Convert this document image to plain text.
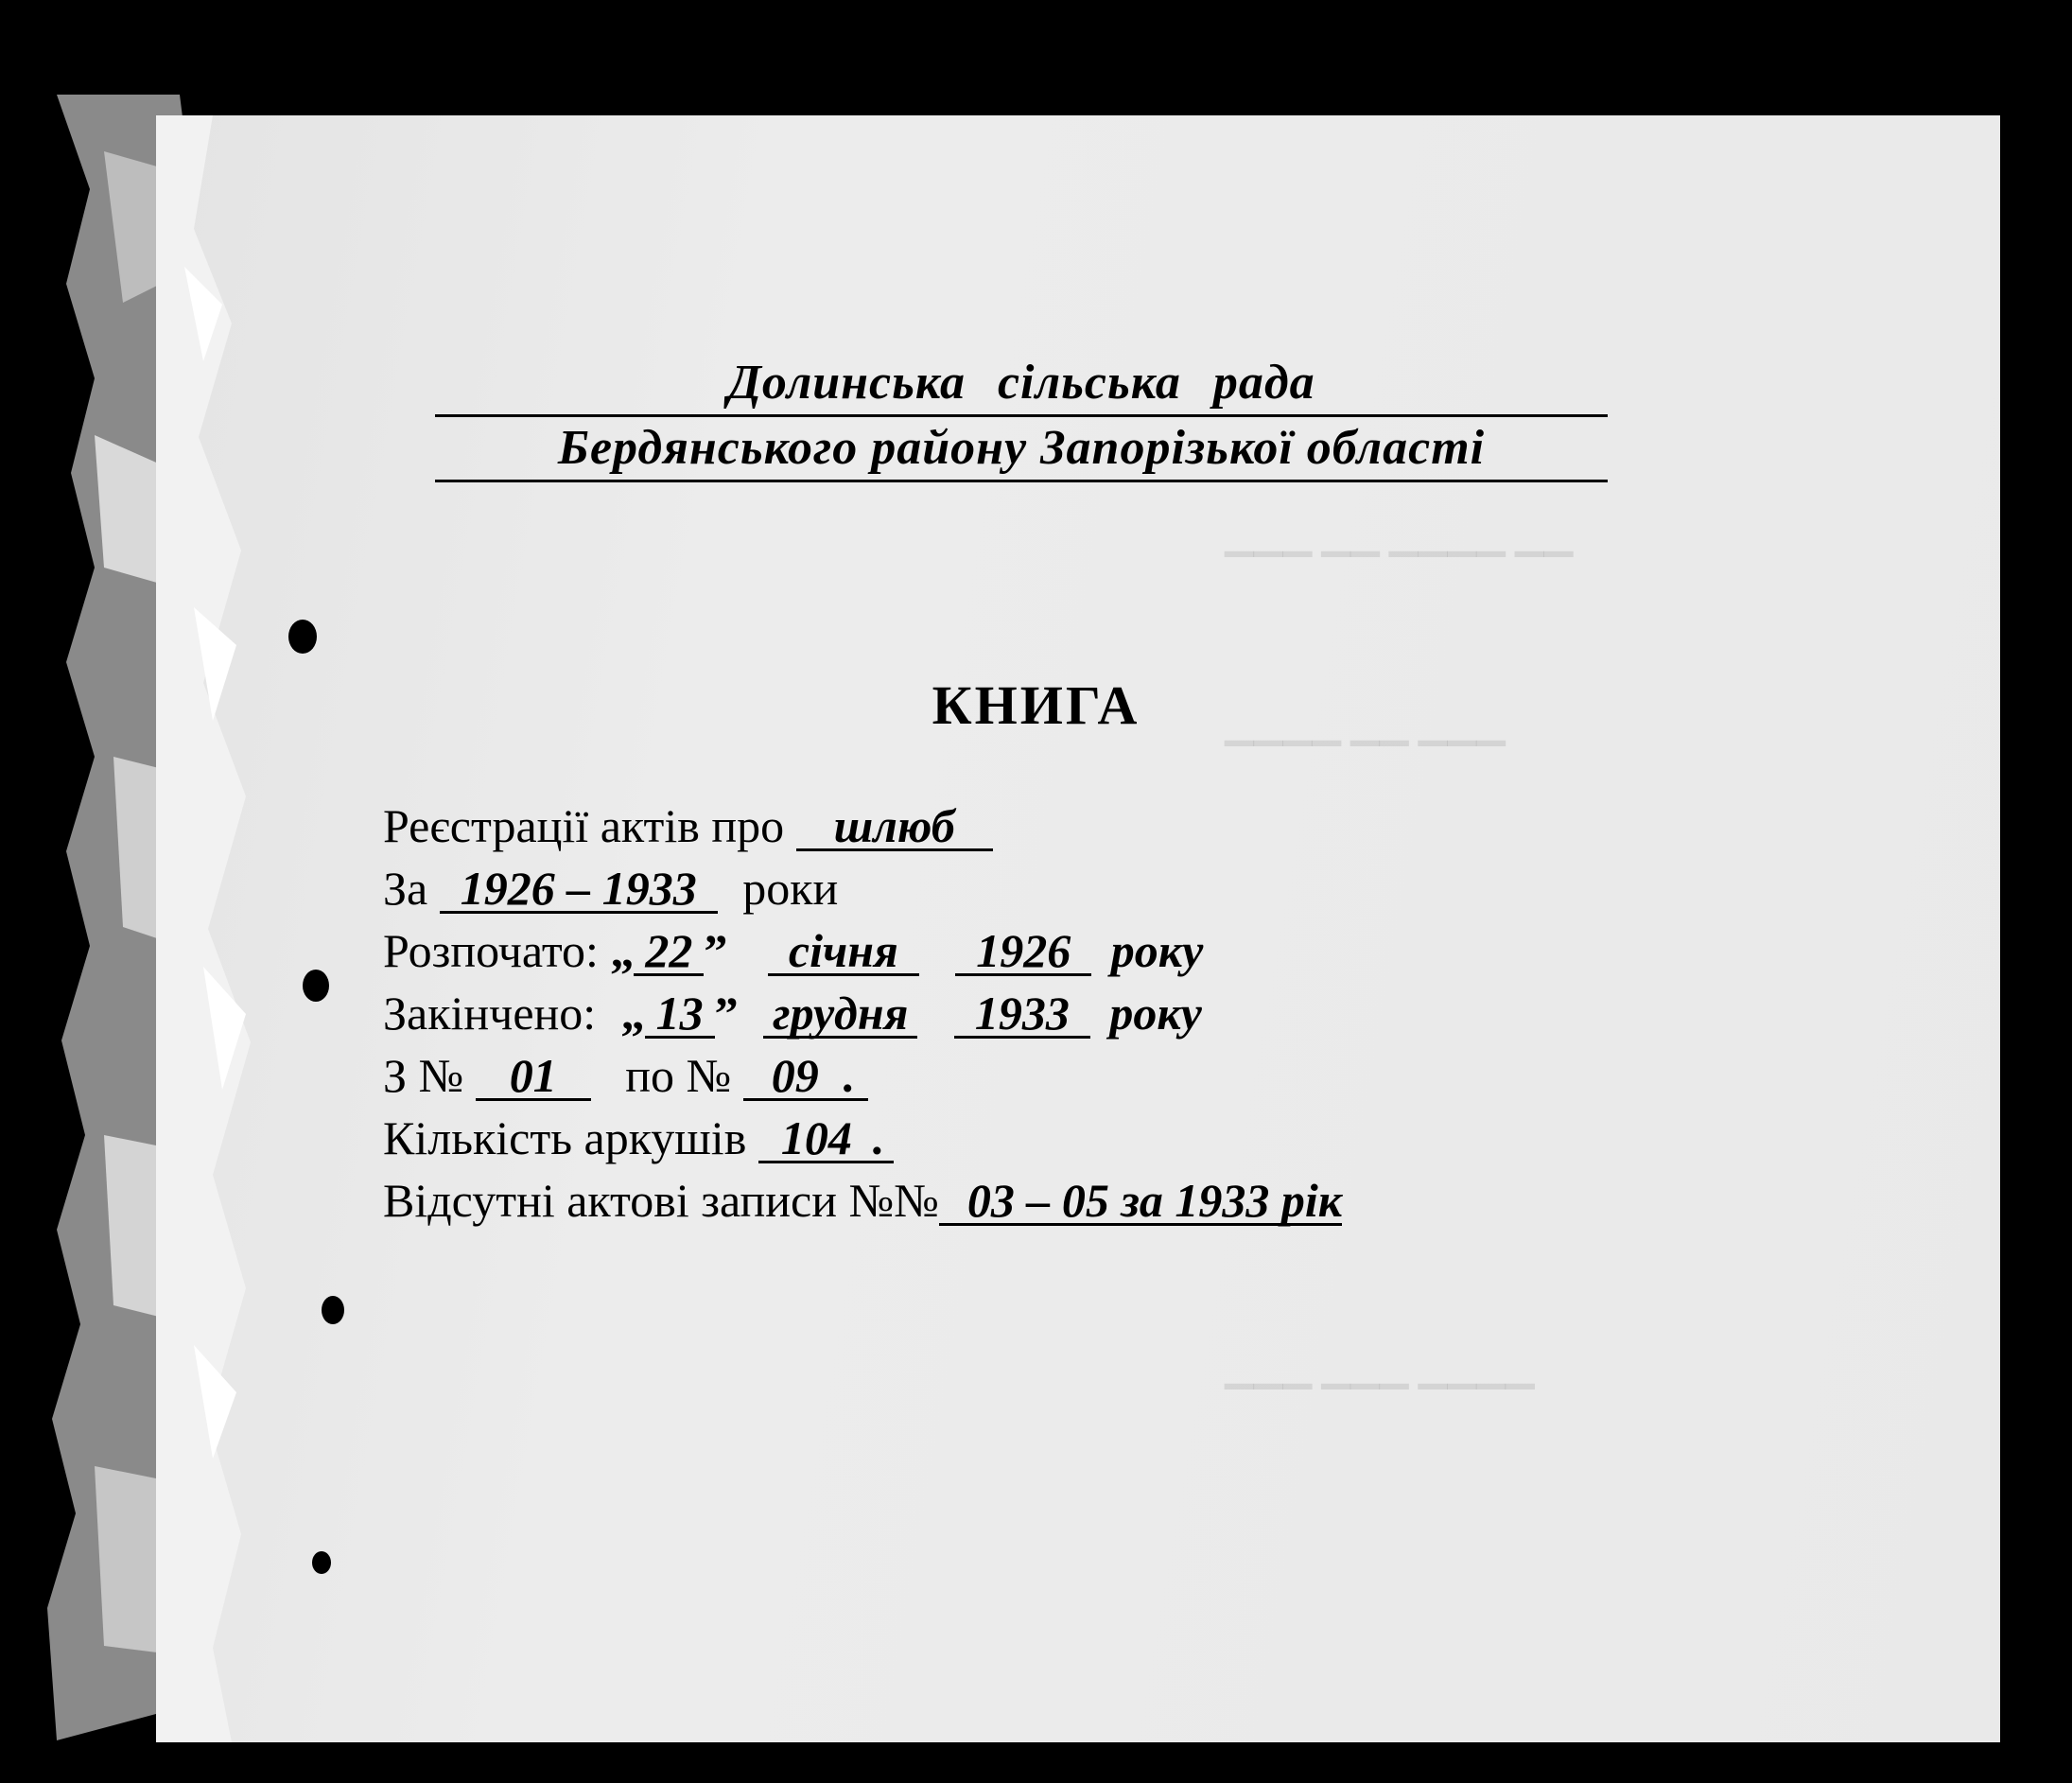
▁▁▁ ▁▁ ▁▁▁▁ ▁▁
▁▁▁▁ ▁▁ ▁▁▁
▁▁▁ ▁▁▁ ▁▁▁▁
Долинська сільська рада
Бердянського району Запорізької області
КНИГА
Реєстрації актів про шлюб
За 1926 – 1933 роки
Розпочато: „ 22 ” січня 1926 року
Закінчено: „ 13 ” грудня 1933 року
З № 01 по № 09 .
Кількість аркушів 104 .
Відсутні актові записи №№ 03 – 05 за 1933 рік
